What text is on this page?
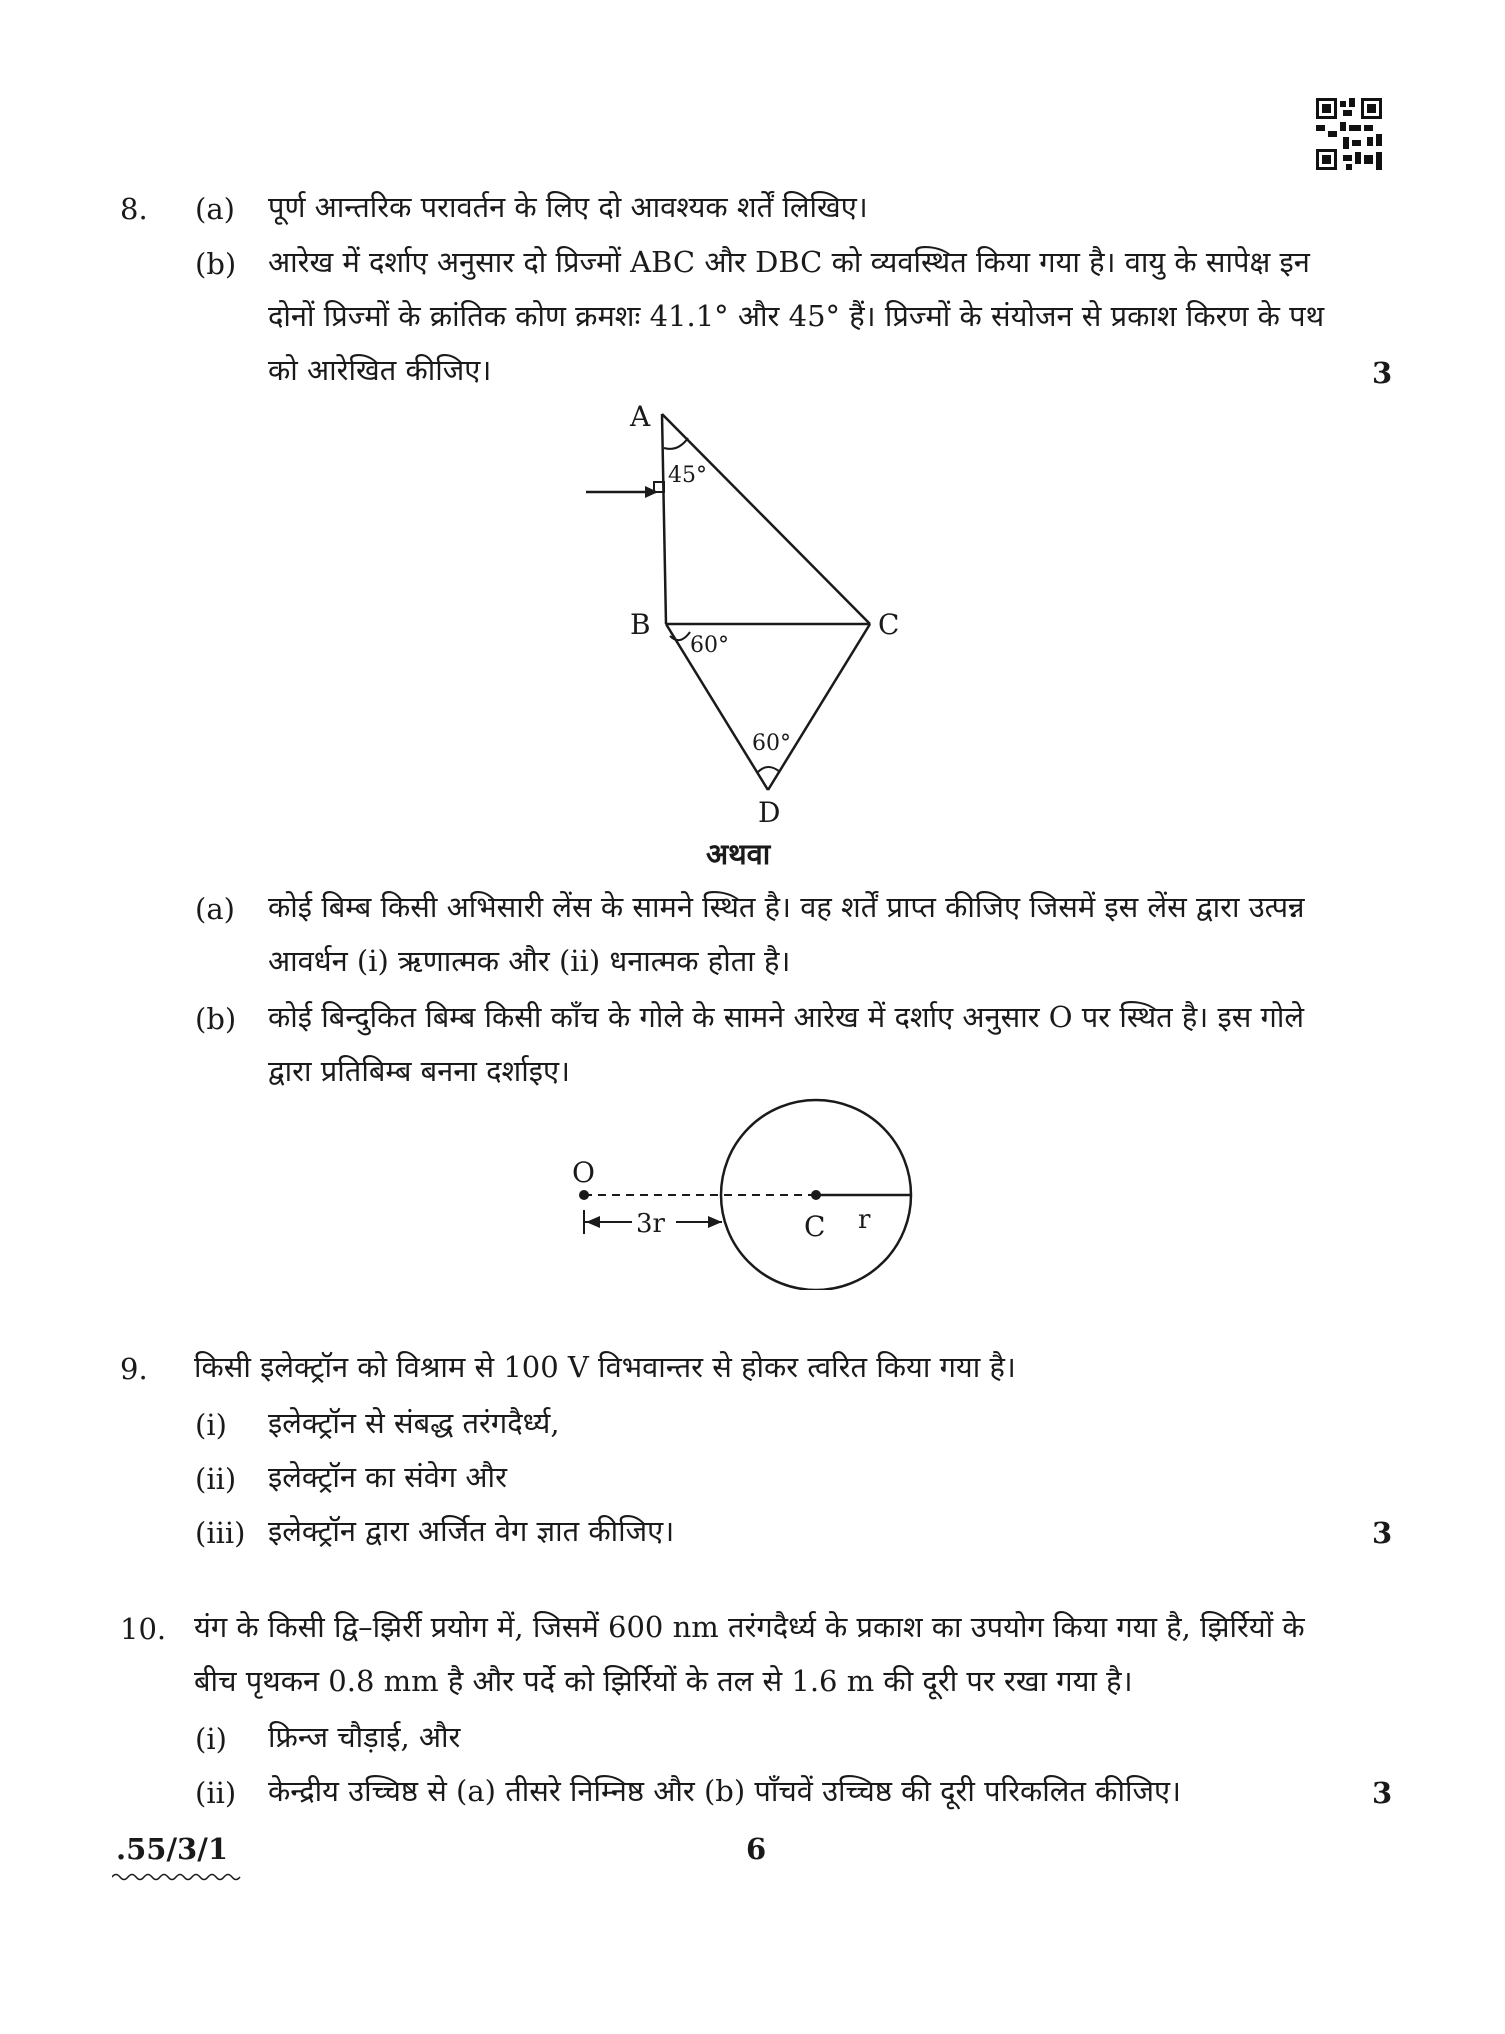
8. (a) पूर्ण आन्तरिक परावर्तन के लिए दो आवश्यक शर्तें लिखिए।
(b) आरेख में दर्शाए अनुसार दो प्रिज्मों ABC और DBC को व्यवस्थित किया गया है। वायु के सापेक्ष इन
दोनों प्रिज्मों के क्रांतिक कोण क्रमशः 41.1° और 45° हैं। प्रिज्मों के संयोजन से प्रकाश किरण के पथ
को आरेखित कीजिए।	3
A
45°
B
60°
C
60°
D
अथवा
(a) कोई बिम्ब किसी अभिसारी लेंस के सामने स्थित है। वह शर्तें प्राप्त कीजिए जिसमें इस लेंस द्वारा उत्पन्न
आवर्धन (i) ऋणात्मक और (ii) धनात्मक होता है।
(b) कोई बिन्दुकित बिम्ब किसी काँच के गोले के सामने आरेख में दर्शाए अनुसार O पर स्थित है। इस गोले
द्वारा प्रतिबिम्ब बनना दर्शाइए।
O
3r	C r
9. किसी इलेक्ट्रॉन को विश्राम से 100 V विभवान्तर से होकर त्वरित किया गया है।
(i) इलेक्ट्रॉन से संबद्ध तरंगदैर्ध्य,
(ii) इलेक्ट्रॉन का संवेग और
(iii) इलेक्ट्रॉन द्वारा अर्जित वेग ज्ञात कीजिए।	3
10. यंग के किसी द्वि–झिर्री प्रयोग में, जिसमें 600 nm तरंगदैर्ध्य के प्रकाश का उपयोग किया गया है, झिर्रियों के
बीच पृथकन 0.8 mm है और पर्दे को झिर्रियों के तल से 1.6 m की दूरी पर रखा गया है।
(i) फ्रिन्ज चौड़ाई, और
(ii) केन्द्रीय उच्चिष्ठ से (a) तीसरे निम्निष्ठ और (b) पाँचवें उच्चिष्ठ की दूरी परिकलित कीजिए।	3
.55/3/1	6
